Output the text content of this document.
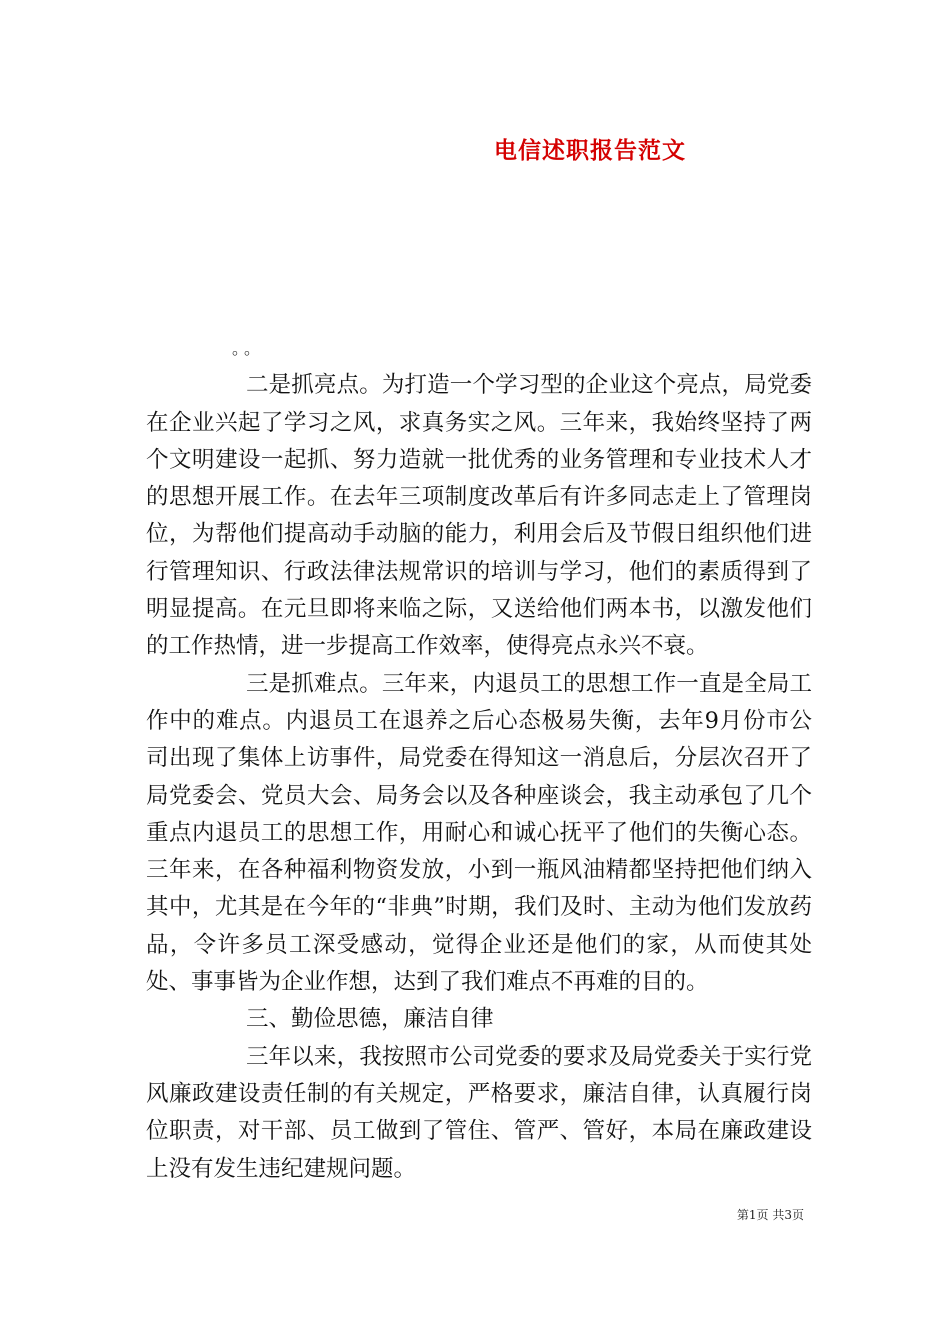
电信述职报告范文

。。

二是抓亮点。为打造一个学习型的企业这个亮点，局党委在企业兴起了学习之风，求真务实之风。三年来，我始终坚持了两个文明建设一起抓、努力造就一批优秀的业务管理和专业技术人才的思想开展工作。在去年三项制度改革后有许多同志走上了管理岗位，为帮他们提高动手动脑的能力，利用会后及节假日组织他们进行管理知识、行政法律法规常识的培训与学习，他们的素质得到了明显提高。在元旦即将来临之际，又送给他们两本书，以激发他们的工作热情，进一步提高工作效率，使得亮点永兴不衰。

三是抓难点。三年来，内退员工的思想工作一直是全局工作中的难点。内退员工在退养之后心态极易失衡，去年9月份市公司出现了集体上访事件，局党委在得知这一消息后，分层次召开了局党委会、党员大会、局务会以及各种座谈会，我主动承包了几个重点内退员工的思想工作，用耐心和诚心抚平了他们的失衡心态。三年来，在各种福利物资发放，小到一瓶风油精都坚持把他们纳入其中，尤其是在今年的“非典”时期，我们及时、主动为他们发放药品，令许多员工深受感动，觉得企业还是他们的家，从而使其处处、事事皆为企业作想，达到了我们难点不再难的目的。

三、勤俭思德，廉洁自律

三年以来，我按照市公司党委的要求及局党委关于实行党风廉政建设责任制的有关规定，严格要求，廉洁自律，认真履行岗位职责，对干部、员工做到了管住、管严、管好，本局在廉政建设上没有发生违纪建规问题。

第1页 共3页
